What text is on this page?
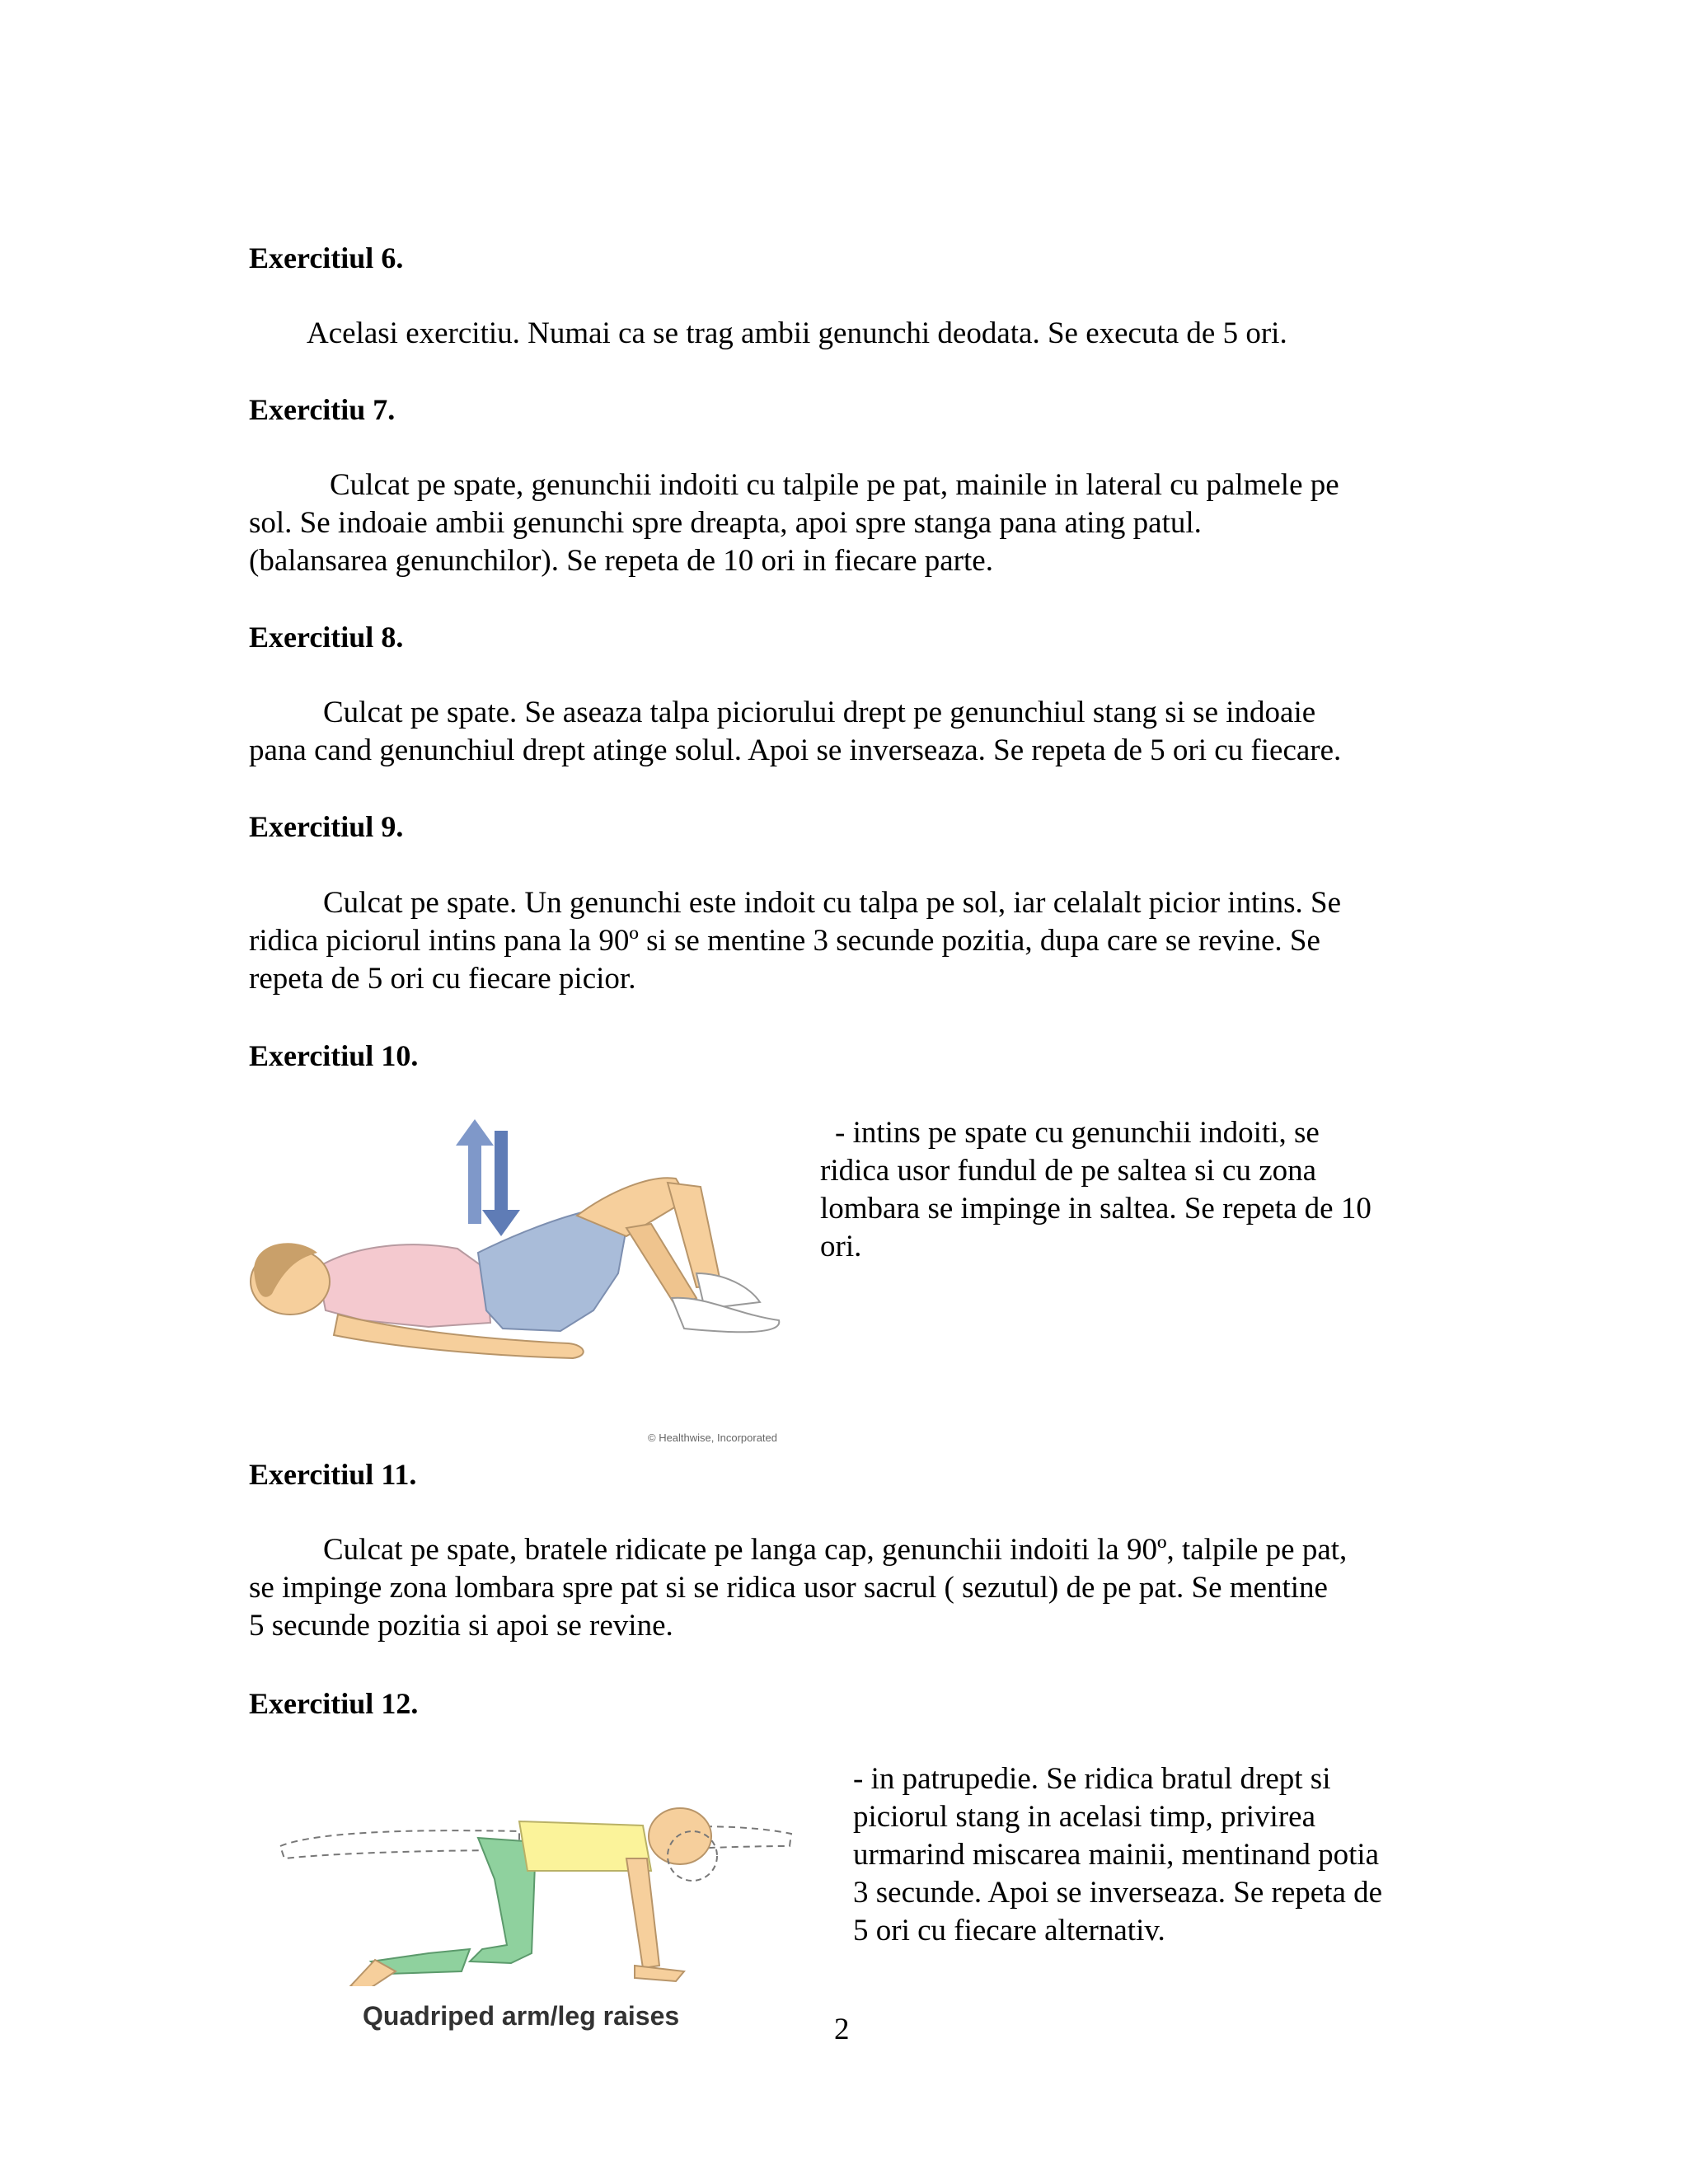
Exercitiul 6.
Acelasi exercitiu. Numai ca se trag ambii genunchi deodata. Se executa de 5 ori.
Exercitiu 7.
Culcat pe spate, genunchii indoiti cu talpile pe pat, mainile in lateral cu palmele pe
sol. Se indoaie ambii genunchi spre dreapta, apoi spre stanga pana ating patul.
(balansarea genunchilor). Se repeta de 10 ori in fiecare parte.
Exercitiul 8.
Culcat pe spate. Se aseaza talpa piciorului drept pe genunchiul stang si se indoaie
pana cand genunchiul drept atinge solul. Apoi se inverseaza. Se repeta de 5 ori cu fiecare.
Exercitiul 9.
Culcat pe spate. Un genunchi este indoit cu talpa pe sol, iar celalalt picior intins. Se
ridica piciorul intins pana la 90º si se mentine 3 secunde pozitia, dupa care se revine. Se
repeta de 5 ori cu fiecare picior.
Exercitiul 10.
© Healthwise, Incorporated
- intins pe spate cu genunchii indoiti, se
ridica usor fundul de pe saltea si cu zona
lombara se impinge in saltea. Se repeta de 10
ori.
Exercitiul 11.
Culcat pe spate, bratele ridicate pe langa cap, genunchii indoiti la 90º, talpile pe pat,
se impinge zona lombara spre pat si se ridica usor sacrul ( sezutul) de pe pat. Se mentine
5 secunde pozitia si apoi se revine.
Exercitiul 12.
Quadriped arm/leg raises
- in patrupedie. Se ridica bratul drept si
piciorul stang in acelasi timp, privirea
urmarind miscarea mainii, mentinand potia
3 secunde. Apoi se inverseaza. Se repeta de
5 ori cu fiecare alternativ.
2
